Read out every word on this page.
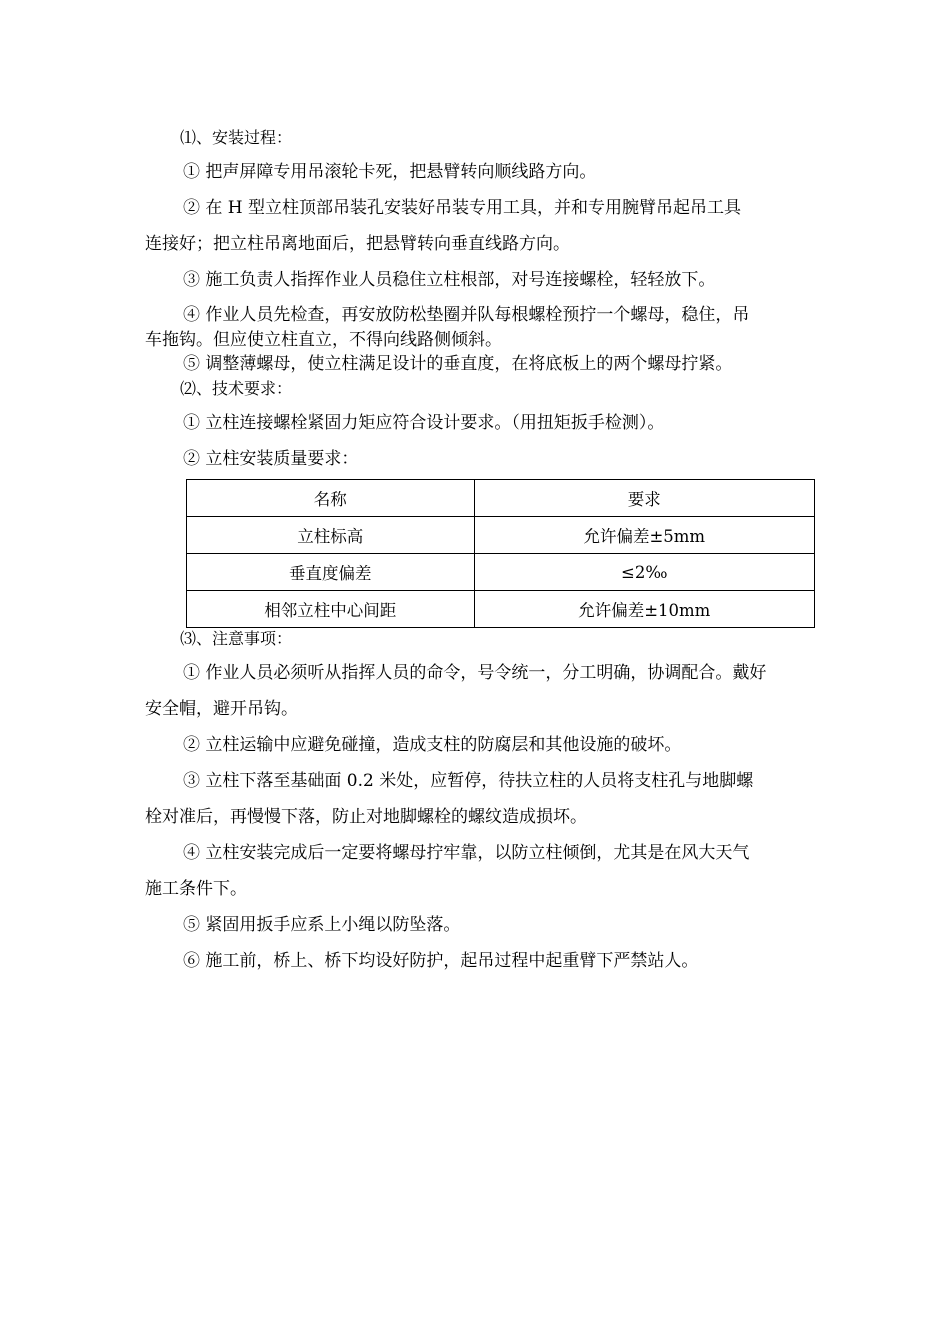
⑴、安装过程：
① 把声屏障专用吊滚轮卡死，把悬臂转向顺线路方向。
② 在 H 型立柱顶部吊装孔安装好吊装专用工具，并和专用腕臂吊起吊工具
连接好；把立柱吊离地面后，把悬臂转向垂直线路方向。
③ 施工负责人指挥作业人员稳住立柱根部，对号连接螺栓，轻轻放下。
④ 作业人员先检查，再安放防松垫圈并队每根螺栓预拧一个螺母，稳住，吊
车拖钩。但应使立柱直立，不得向线路侧倾斜。
⑤ 调整薄螺母，使立柱满足设计的垂直度，在将底板上的两个螺母拧紧。
⑵、技术要求：
① 立柱连接螺栓紧固力矩应符合设计要求。（用扭矩扳手检测）。
② 立柱安装质量要求：
名称	要求
立柱标高	允许偏差±5mm
垂直度偏差	≤2‰
相邻立柱中心间距	允许偏差±10mm
⑶、注意事项：
① 作业人员必须听从指挥人员的命令，号令统一，分工明确，协调配合。戴好
安全帽，避开吊钩。
② 立柱运输中应避免碰撞，造成支柱的防腐层和其他设施的破坏。
③ 立柱下落至基础面 0.2 米处，应暂停，待扶立柱的人员将支柱孔与地脚螺
栓对准后，再慢慢下落，防止对地脚螺栓的螺纹造成损坏。
④ 立柱安装完成后一定要将螺母拧牢靠，以防立柱倾倒，尤其是在风大天气
施工条件下。
⑤ 紧固用扳手应系上小绳以防坠落。
⑥ 施工前，桥上、桥下均设好防护，起吊过程中起重臂下严禁站人。
